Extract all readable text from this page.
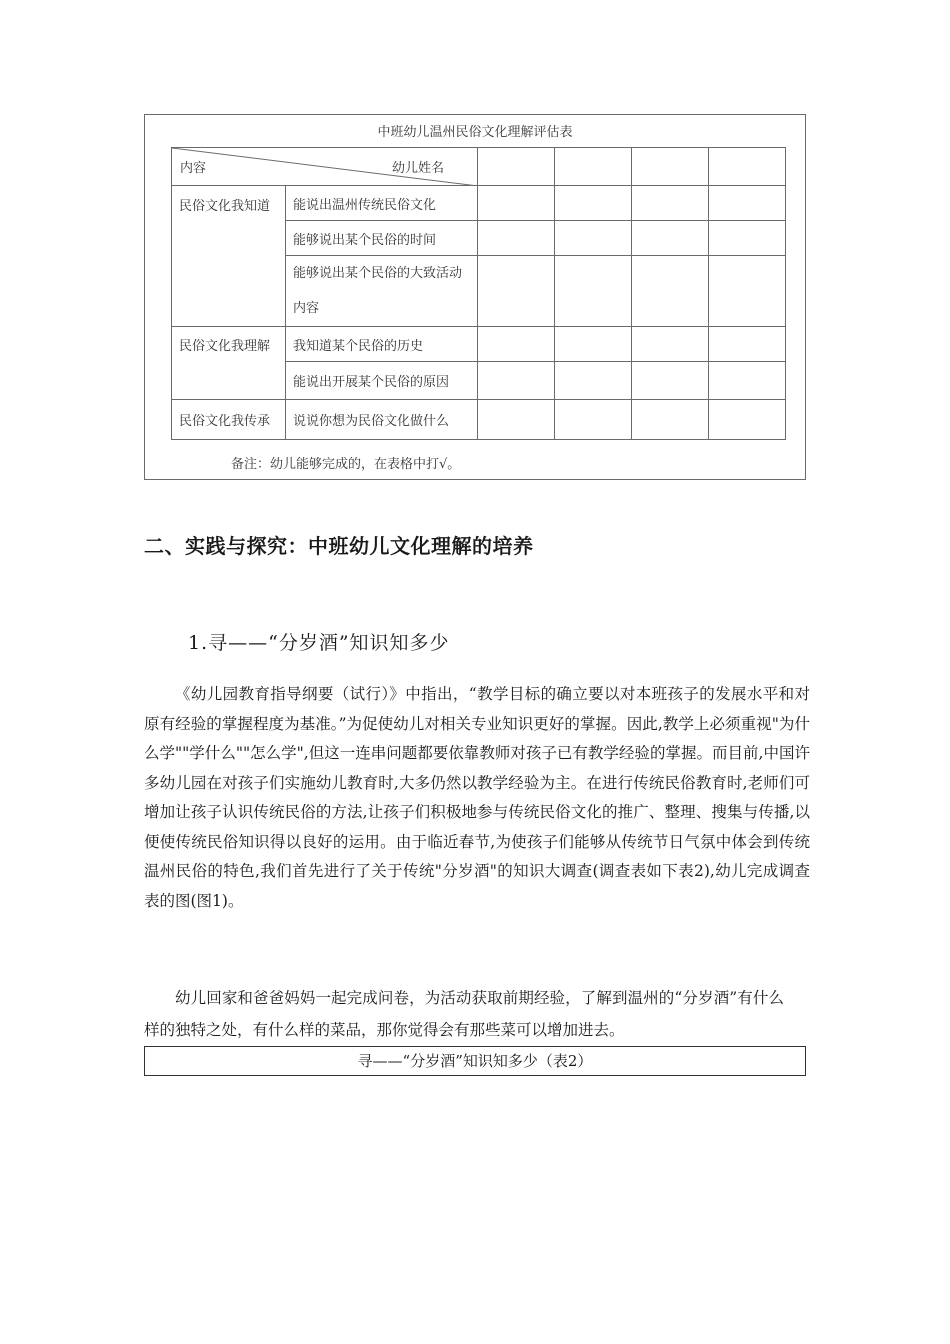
中班幼儿温州民俗文化理解评估表
内容 幼儿姓名					

民俗文化我知道	能说出温州传统民俗文化				
	能够说出某个民俗的时间				
	能够说出某个民俗的大致活动内容				
民俗文化我理解	我知道某个民俗的历史				
	能说出开展某个民俗的原因				
民俗文化我传承	说说你想为民俗文化做什么				
备注：幼儿能够完成的，在表格中打√。
二、实践与探究：中班幼儿文化理解的培养
1.寻——“分岁酒”知识知多少
《幼儿园教育指导纲要（试行）》中指出，“教学目标的确立要以对本班孩子的发展水平和对原有经验的掌握程度为基准。”为促使幼儿对相关专业知识更好的掌握。因此,教学上必须重视"为什么学""学什么""怎么学",但这一连串问题都要依靠教师对孩子已有教学经验的掌握。而目前,中国许多幼儿园在对孩子们实施幼儿教育时,大多仍然以教学经验为主。在进行传统民俗教育时,老师们可增加让孩子认识传统民俗的方法,让孩子们积极地参与传统民俗文化的推广、整理、搜集与传播,以便使传统民俗知识得以良好的运用。由于临近春节,为使孩子们能够从传统节日气氛中体会到传统温州民俗的特色,我们首先进行了关于传统"分岁酒"的知识大调查(调查表如下表2),幼儿完成调查表的图(图1)。
幼儿回家和爸爸妈妈一起完成问卷，为活动获取前期经验，了解到温州的“分岁酒”有什么样的独特之处，有什么样的菜品，那你觉得会有那些菜可以增加进去。
寻——“分岁酒”知识知多少（表2）
